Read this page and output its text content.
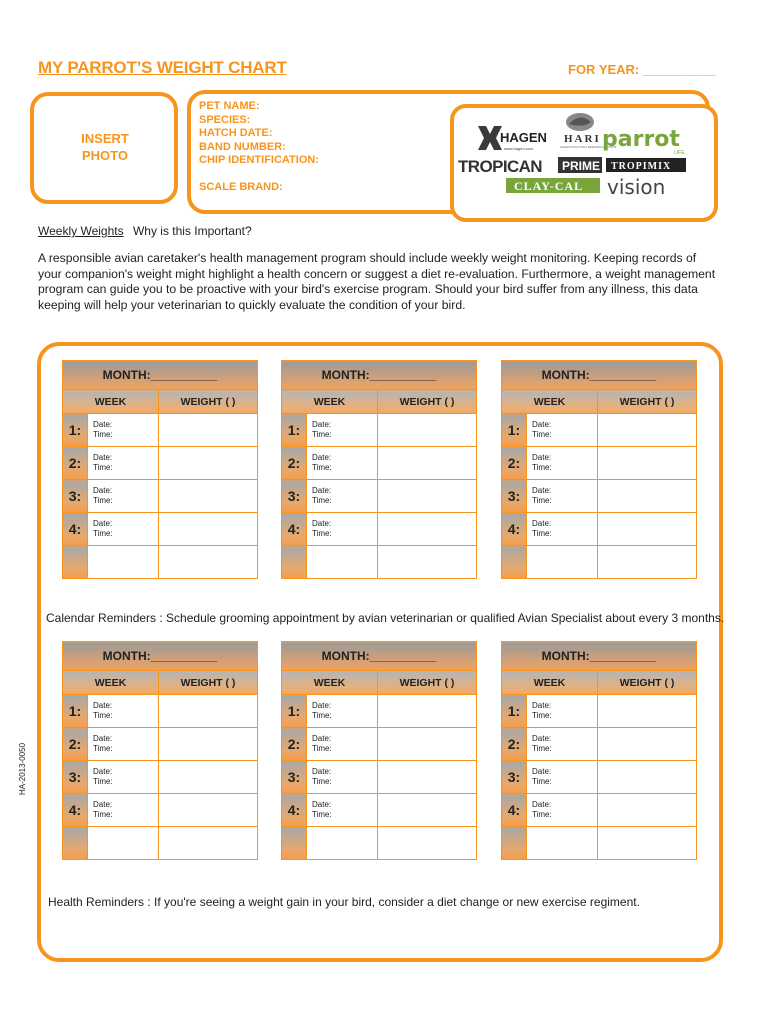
MY PARROT’S WEIGHT CHART	FOR YEAR: __________
INSERT
PHOTO
PET NAME:
SPECIES:
HATCH DATE:
BAND NUMBER:
CHIP IDENTIFICATION:
SCALE BRAND:
HAGEN
www.hagen.com
HARI
HAGEN AVICULTURAL RESEARCH INSTITUTE
parrot
LIFE
TROPICAN PRIME TROPIMIX
CLAY-CAL vision
Weekly Weights Why is this Important?
A responsible avian caretaker's health management program should include weekly weight monitoring. Keeping records of your companion's weight might highlight a health concern or suggest a diet re-evaluation. Furthermore, a weight management program can guide you to be proactive with your bird's exercise program. Should your bird suffer from any illness, this data keeping will help your veterinarian to quickly evaluate the condition of your bird.
MONTH:__________		
WEEK		WEIGHT ( )
1:	Date:
Time:	

2:	Date:
Time:	

3:	Date:
Time:	

4:	Date:
Time:	

MONTH:__________		
WEEK		WEIGHT ( )
1:	Date:
Time:	

2:	Date:
Time:	

3:	Date:
Time:	

4:	Date:
Time:	

MONTH:__________		
WEEK		WEIGHT ( )
1:	Date:
Time:	

2:	Date:
Time:	

3:	Date:
Time:	

4:	Date:
Time:	

MONTH:__________		
WEEK		WEIGHT ( )
1:	Date:
Time:	

2:	Date:
Time:	

3:	Date:
Time:	

4:	Date:
Time:	

MONTH:__________		
WEEK		WEIGHT ( )
1:	Date:
Time:	

2:	Date:
Time:	

3:	Date:
Time:	

4:	Date:
Time:	

MONTH:__________		
WEEK		WEIGHT ( )
1:	Date:
Time:	

2:	Date:
Time:	

3:	Date:
Time:	

4:	Date:
Time:	

Calendar Reminders : Schedule grooming appointment by avian veterinarian or qualified Avian Specialist about every 3 months.
Health Reminders : If you're seeing a weight gain in your bird, consider a diet change or new exercise regiment.
HA-2013-0050
